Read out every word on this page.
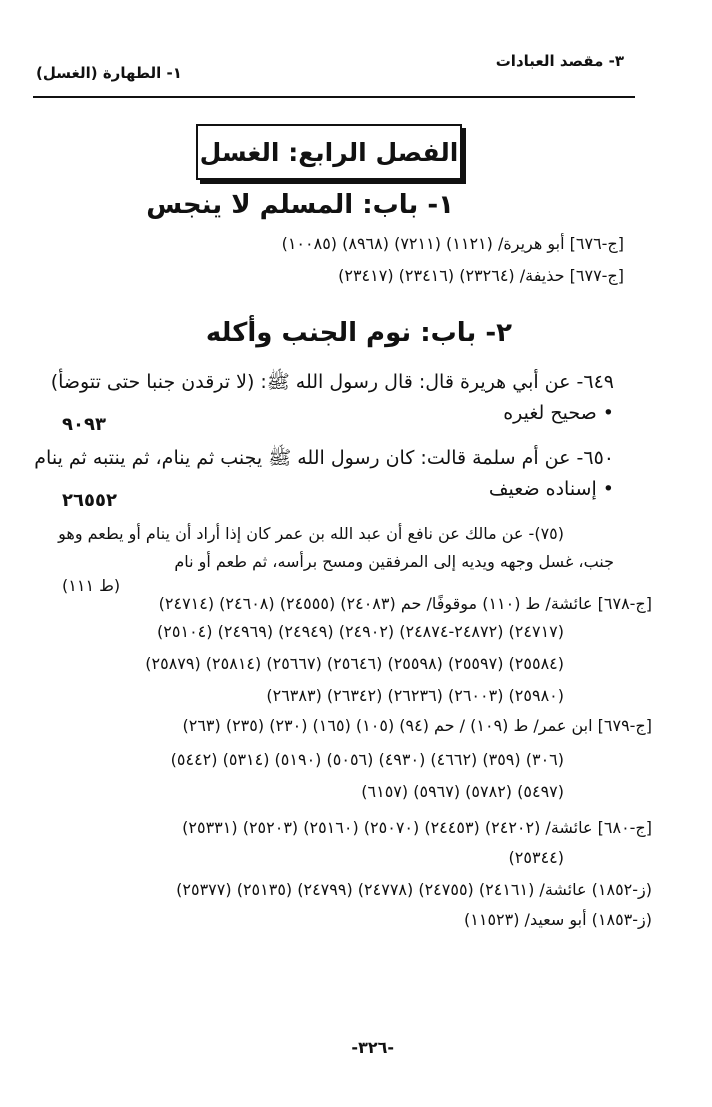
٣- مقصد العبادات
١- الطهارة (الغسل)
الفصل الرابع: الغسل
١- باب: المسلم لا ينجس
[ج-٦٧٦] أبو هريرة/ (١١٢١) (٧٢١١) (٨٩٦٨) (١٠٠٨٥)
[ج-٦٧٧] حذيفة/ (٢٣٢٦٤) (٢٣٤١٦) (٢٣٤١٧)
٢- باب: نوم الجنب وأكله
٦٤٩- عن أبي هريرة قال: قال رسول الله ﷺ: (لا ترقدن جنبا حتى تتوضأ)
• صحيح لغيره
٩٠٩٣
٦٥٠- عن أم سلمة قالت: كان رسول الله ﷺ يجنب ثم ينام، ثم ينتبه ثم ينام
• إسناده ضعيف
٢٦٥٥٢
(٧٥)- عن مالك عن نافع أن عبد الله بن عمر كان إذا أراد أن ينام أو يطعم وهو
جنب، غسل وجهه ويديه إلى المرفقين ومسح برأسه، ثم طعم أو نام
(ط ١١١)
[ج-٦٧٨] عائشة/ ط (١١٠) موقوفًا/ حم (٢٤٠٨٣) (٢٤٥٥٥) (٢٤٦٠٨) (٢٤٧١٤)
(٢٤٧١٧) (٢٤٨٧٢-٢٤٨٧٤) (٢٤٩٠٢) (٢٤٩٤٩) (٢٤٩٦٩) (٢٥١٠٤)
(٢٥٥٨٤) (٢٥٥٩٧) (٢٥٥٩٨) (٢٥٦٤٦) (٢٥٦٦٧) (٢٥٨١٤) (٢٥٨٧٩)
(٢٥٩٨٠) (٢٦٠٠٣) (٢٦٢٣٦) (٢٦٣٤٢) (٢٦٣٨٣)
[ج-٦٧٩] ابن عمر/ ط (١٠٩) / حم (٩٤) (١٠٥) (١٦٥) (٢٣٠) (٢٣٥) (٢٦٣)
(٣٠٦) (٣٥٩) (٤٦٦٢) (٤٩٣٠) (٥٠٥٦) (٥١٩٠) (٥٣١٤) (٥٤٤٢)
(٥٤٩٧) (٥٧٨٢) (٥٩٦٧) (٦١٥٧)
[ج-٦٨٠] عائشة/ (٢٤٢٠٢) (٢٤٤٥٣) (٢٥٠٧٠) (٢٥١٦٠) (٢٥٢٠٣) (٢٥٣٣١)
(٢٥٣٤٤)
(ز-١٨٥٢) عائشة/ (٢٤١٦١) (٢٤٧٥٥) (٢٤٧٧٨) (٢٤٧٩٩) (٢٥١٣٥) (٢٥٣٧٧)
(ز-١٨٥٣) أبو سعيد/ (١١٥٢٣)
-٣٢٦-
